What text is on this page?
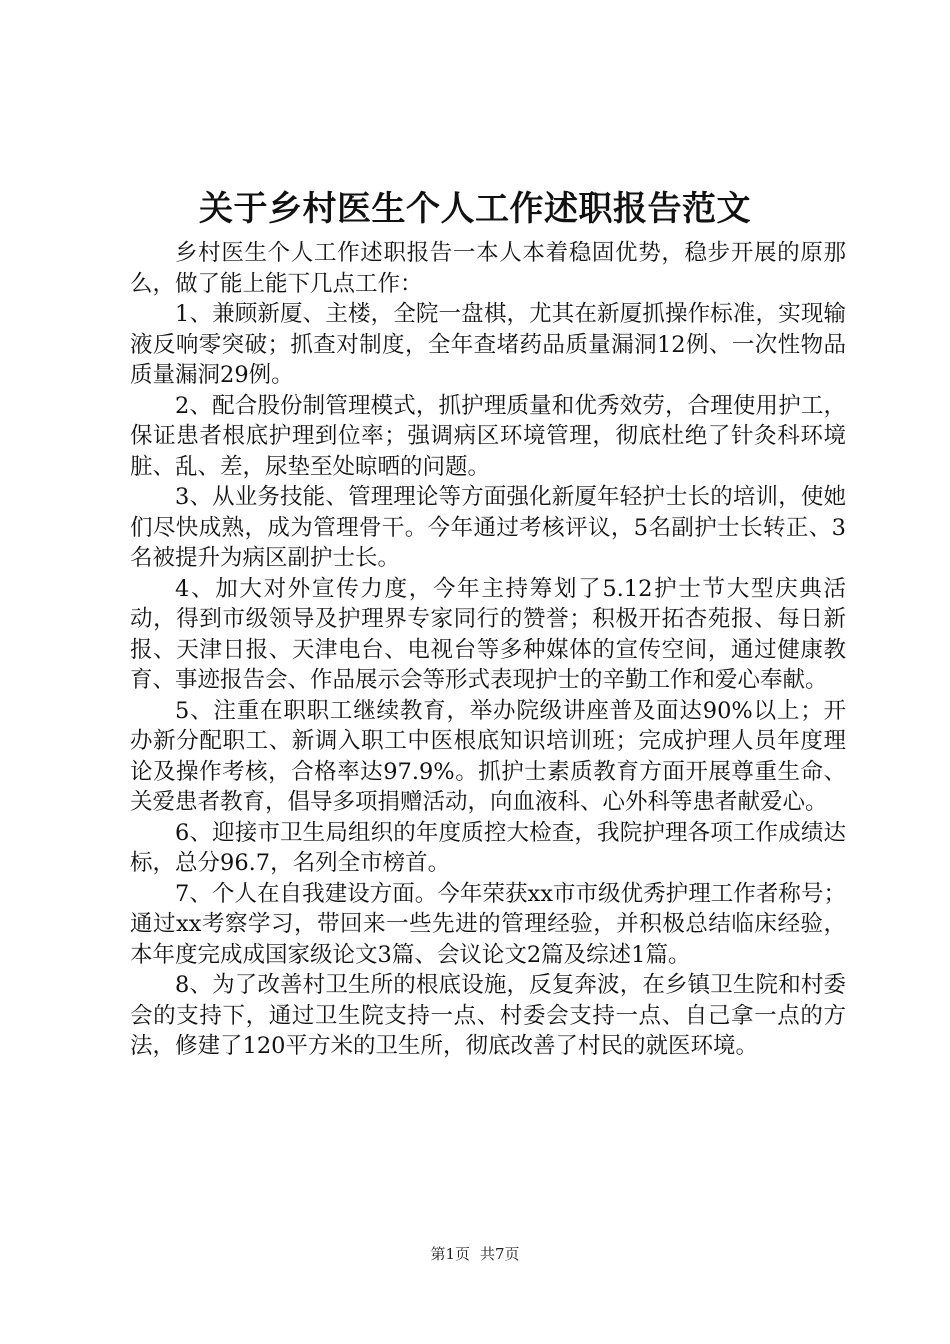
关于乡村医生个人工作述职报告范文

乡村医生个人工作述职报告一本人本着稳固优势，稳步开展的原那么，做了能上能下几点工作：

1、兼顾新厦、主楼，全院一盘棋，尤其在新厦抓操作标准，实现输液反响零突破；抓查对制度，全年查堵药品质量漏洞12例、一次性物品质量漏洞29例。

2、配合股份制管理模式，抓护理质量和优秀效劳，合理使用护工，保证患者根底护理到位率；强调病区环境管理，彻底杜绝了针灸科环境脏、乱、差，尿垫至处晾晒的问题。

3、从业务技能、管理理论等方面强化新厦年轻护士长的培训，使她们尽快成熟，成为管理骨干。今年通过考核评议，5名副护士长转正、3名被提升为病区副护士长。

4、加大对外宣传力度，今年主持筹划了5.12护士节大型庆典活动，得到市级领导及护理界专家同行的赞誉；积极开拓杏苑报、每日新报、天津日报、天津电台、电视台等多种媒体的宣传空间，通过健康教育、事迹报告会、作品展示会等形式表现护士的辛勤工作和爱心奉献。

5、注重在职职工继续教育，举办院级讲座普及面达90%以上；开办新分配职工、新调入职工中医根底知识培训班；完成护理人员年度理论及操作考核，合格率达97.9%。抓护士素质教育方面开展尊重生命、关爱患者教育，倡导多项捐赠活动，向血液科、心外科等患者献爱心。

6、迎接市卫生局组织的年度质控大检查，我院护理各项工作成绩达标，总分96.7，名列全市榜首。

7、个人在自我建设方面。今年荣获xx市市级优秀护理工作者称号；通过xx考察学习，带回来一些先进的管理经验，并积极总结临床经验，本年度完成成国家级论文3篇、会议论文2篇及综述1篇。

8、为了改善村卫生所的根底设施，反复奔波，在乡镇卫生院和村委会的支持下，通过卫生院支持一点、村委会支持一点、自己拿一点的方法，修建了120平方米的卫生所，彻底改善了村民的就医环境。

第1页 共7页
